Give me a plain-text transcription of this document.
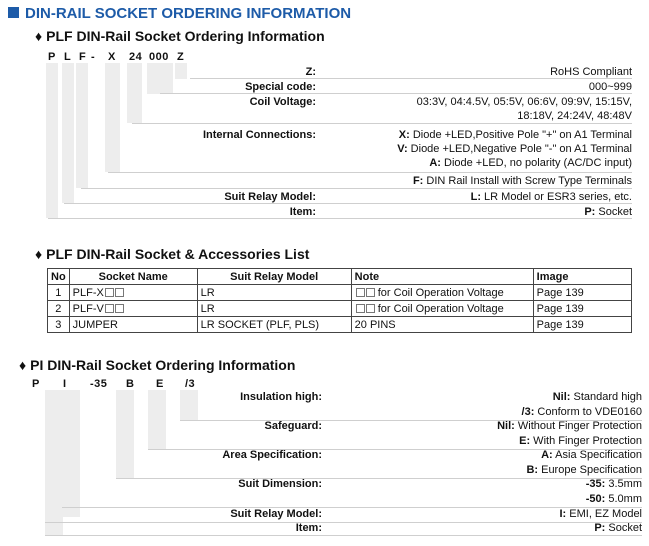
DIN-RAIL SOCKET ORDERING INFORMATION
♦ PLF DIN-Rail Socket Ordering Information
P L F - X 24 000 Z
Z:	RoHS Compliant
Special code:	000~999
Coil Voltage:	03:3V, 04:4.5V, 05:5V, 06:6V, 09:9V, 15:15V,
18:18V, 24:24V, 48:48V
Internal Connections:	X: Diode +LED,Positive Pole "+" on A1 Terminal
V: Diode +LED,Negative Pole "-" on A1 Terminal
A: Diode +LED, no polarity (AC/DC input)
F: DIN Rail Install with Screw Type Terminals
Suit Relay Model:	L: LR Model or ESR3 series, etc.
Item:	P: Socket
♦ PLF DIN-Rail Socket & Accessories List
No	Socket Name	Suit Relay Model	Note	Image
1	PLF-X	LR	for Coil Operation Voltage	Page 139
2	PLF-V	LR	for Coil Operation Voltage	Page 139
3	JUMPER	LR SOCKET (PLF, PLS)	20 PINS	Page 139
♦ PI DIN-Rail Socket Ordering Information
P I -35 B E /3
Insulation high:	Nil: Standard high
/3: Conform to VDE0160
Safeguard:	Nil: Without Finger Protection
E: With Finger Protection
Area Specification:	A: Asia Specification
B: Europe Specification
Suit Dimension:	-35: 3.5mm
-50: 5.0mm
Suit Relay Model:	I: EMI, EZ Model
Item:	P: Socket
